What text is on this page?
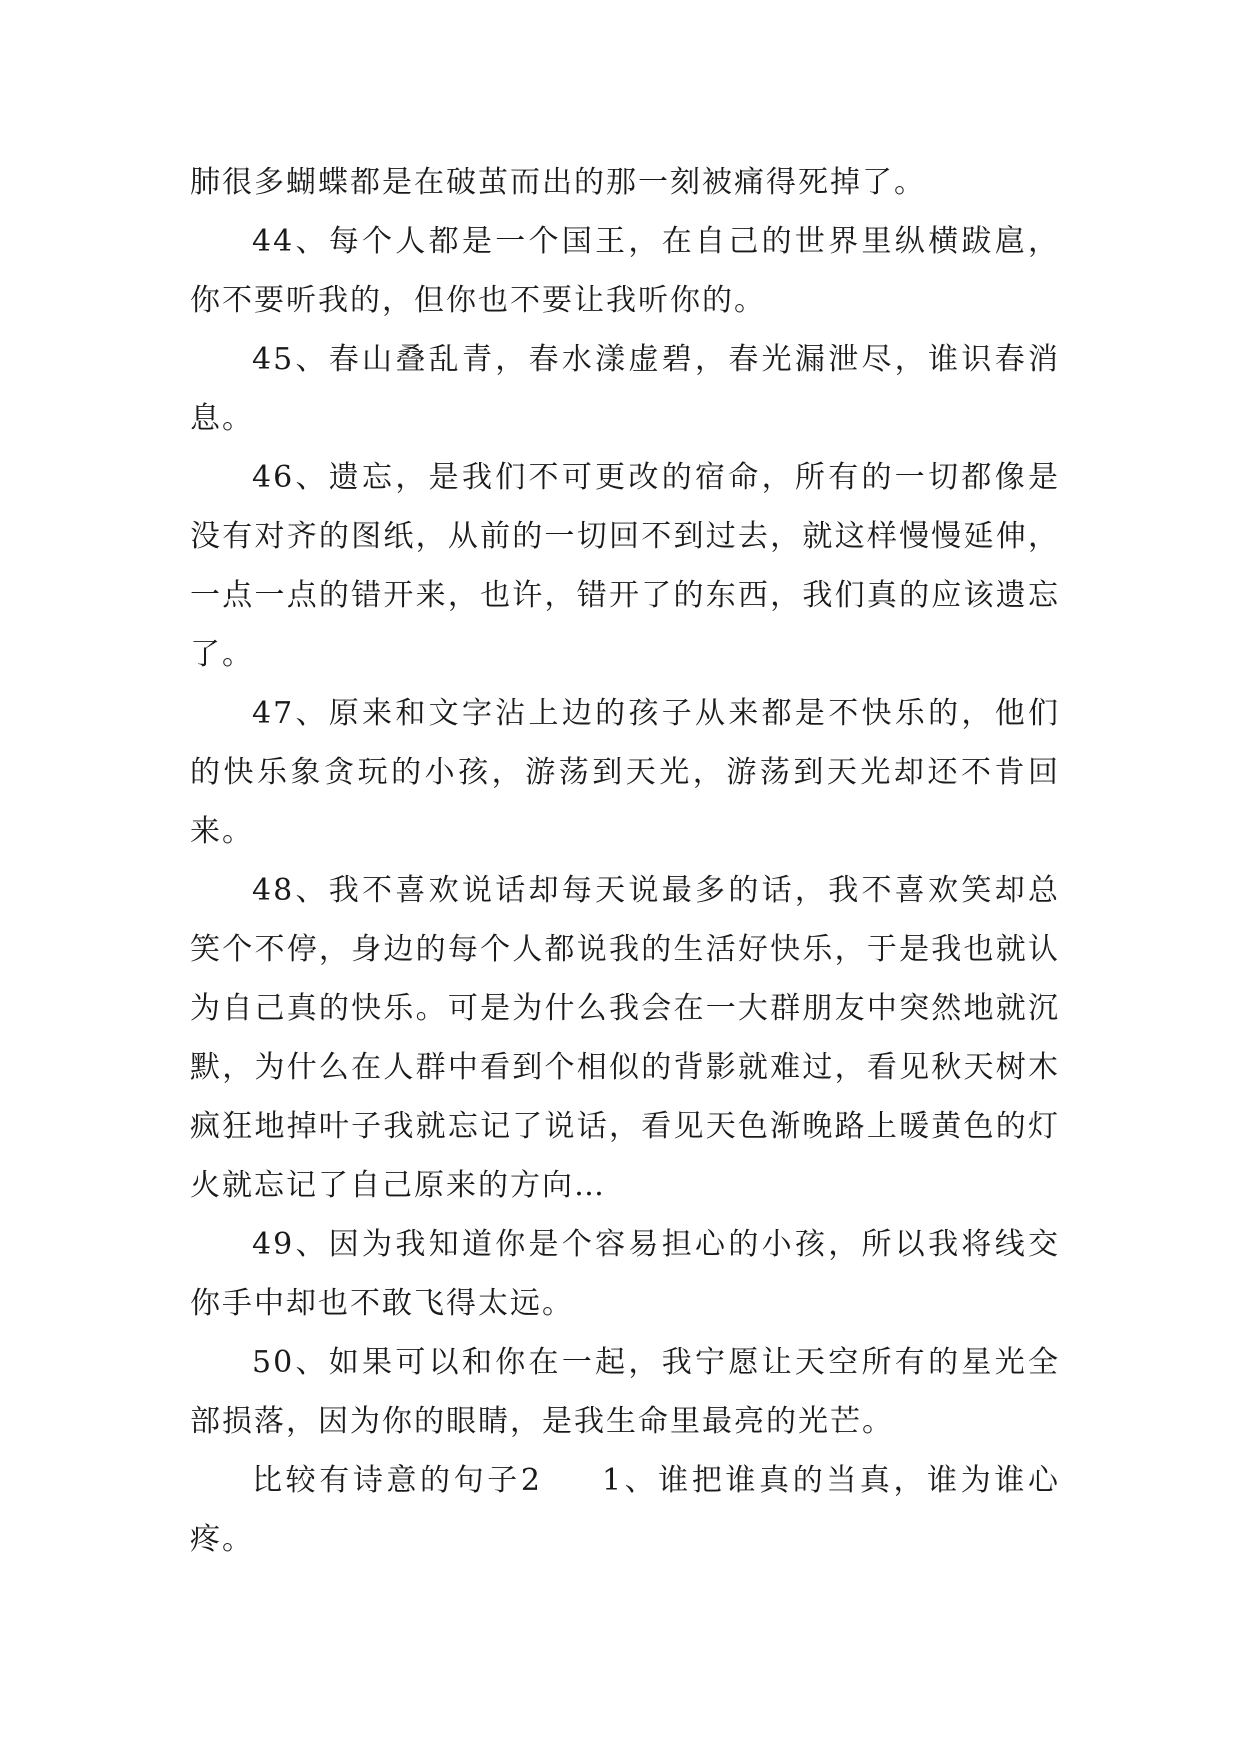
肺很多蝴蝶都是在破茧而出的那一刻被痛得死掉了。

44、每个人都是一个国王，在自己的世界里纵横跋扈，你不要听我的，但你也不要让我听你的。

45、春山叠乱青，春水漾虚碧，春光漏泄尽，谁识春消息。

46、遗忘，是我们不可更改的宿命，所有的一切都像是没有对齐的图纸，从前的一切回不到过去，就这样慢慢延伸，一点一点的错开来，也许，错开了的东西，我们真的应该遗忘了。

47、原来和文字沾上边的孩子从来都是不快乐的，他们的快乐象贪玩的小孩，游荡到天光，游荡到天光却还不肯回来。

48、我不喜欢说话却每天说最多的话，我不喜欢笑却总笑个不停，身边的每个人都说我的生活好快乐，于是我也就认为自己真的快乐。可是为什么我会在一大群朋友中突然地就沉默，为什么在人群中看到个相似的背影就难过，看见秋天树木疯狂地掉叶子我就忘记了说话，看见天色渐晚路上暖黄色的灯火就忘记了自己原来的方向…

49、因为我知道你是个容易担心的小孩，所以我将线交你手中却也不敢飞得太远。

50、如果可以和你在一起，我宁愿让天空所有的星光全部损落，因为你的眼睛，是我生命里最亮的光芒。

比较有诗意的句子2 1、谁把谁真的当真，谁为谁心疼。
